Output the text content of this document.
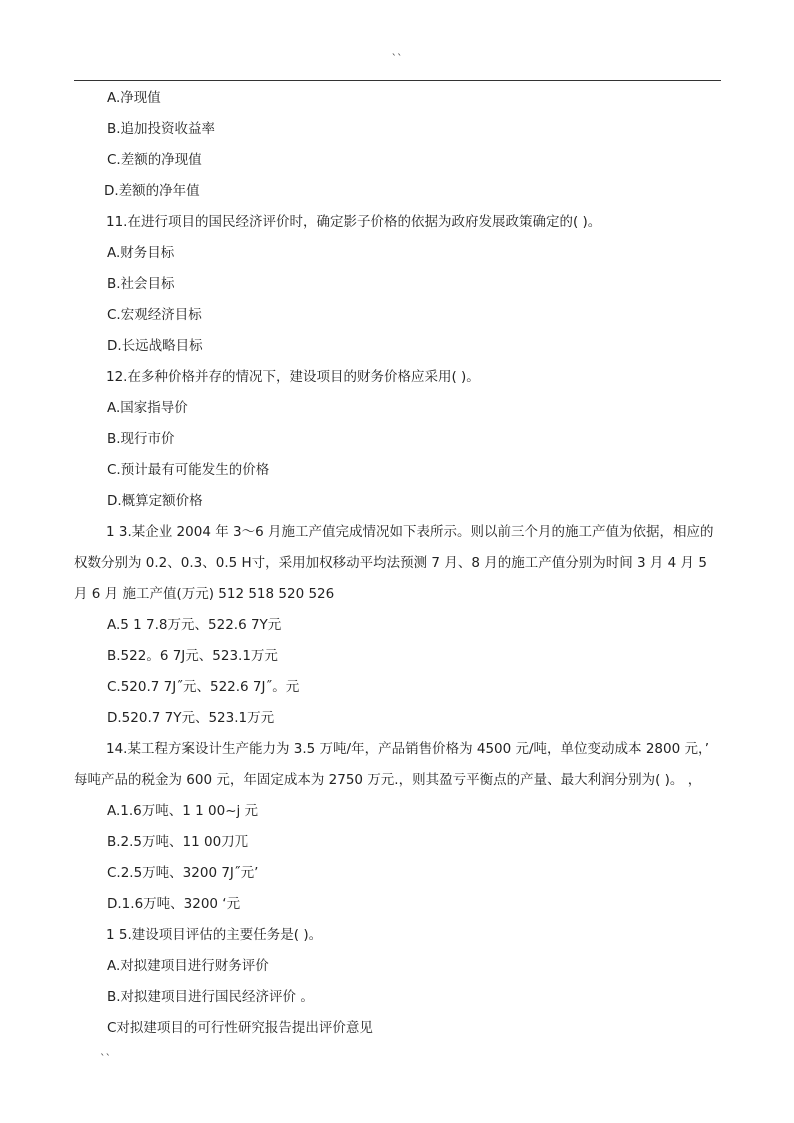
``
A.净现值
B.追加投资收益率
C.差额的净现值
D.差额的净年值
11.在进行项目的国民经济评价时，确定影子价格的依据为政府发展政策确定的( )。
A.财务目标
B.社会目标
C.宏观经济目标
D.长远战略目标
12.在多种价格并存的情况下，建设项目的财务价格应采用( )。
A.国家指导价
B.现行市价
C.预计最有可能发生的价格
D.概算定额价格
1 3.某企业 2004 年 3～6 月施工产值完成情况如下表所示。则以前三个月的施工产值为依据，相应的
权数分别为 0.2、0.3、0.5 H寸，采用加权移动平均法预测 7 月、8 月的施工产值分别为时间 3 月 4 月 5
月 6 月 施工产值(万元) 512 518 520 526
A.5 1 7.8万元、522.6 7Y元
B.522。6 7J元、523.1万元
C.520.7 7J˝元、522.6 7J˝。元
D.520.7 7Y元、523.1万元
14.某工程方案设计生产能力为 3.5 万吨/年，产品销售价格为 4500 元/吨，单位变动成本 2800 元，’
每吨产品的税金为 600 元，年固定成本为 2750 万元.，则其盈亏平衡点的产量、最大利润分别为( )。 ，
A.1.6万吨、1 1 00~j 元
B.2.5万吨、11 00刀兀
C.2.5万吨、3200 7J˝元’
D.1.6万吨、3200 ‘元
1 5.建设项目评估的主要任务是( )。
A.对拟建项目进行财务评价
B.对拟建项目进行国民经济评价 。
C对拟建项目的可行性研究报告提出评价意见
``
